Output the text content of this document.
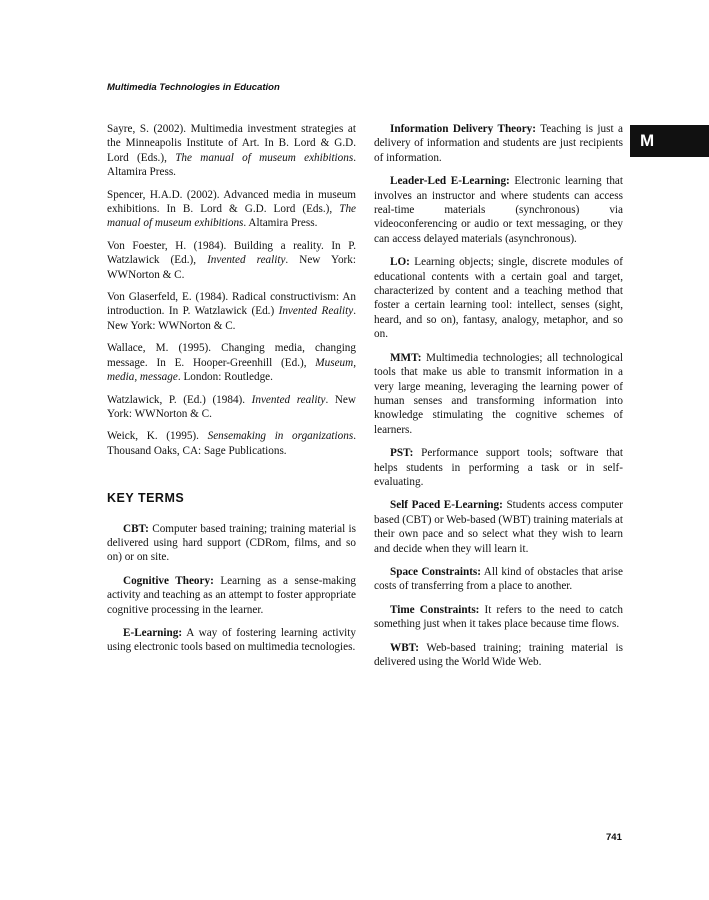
Multimedia Technologies in Education
M

Sayre, S. (2002). Multimedia investment strategies at the Minneapolis Institute of Art. In B. Lord & G.D. Lord (Eds.), The manual of museum exhibitions. Altamira Press.

Spencer, H.A.D. (2002). Advanced media in museum exhibitions. In B. Lord & G.D. Lord (Eds.), The manual of museum exhibitions. Altamira Press.

Von Foester, H. (1984). Building a reality. In P. Watzlawick (Ed.), Invented reality. New York: WWNorton & C.

Von Glaserfeld, E. (1984). Radical constructivism: An introduction. In P. Watzlawick (Ed.) Invented Reality. New York: WWNorton & C.

Wallace, M. (1995). Changing media, changing message. In E. Hooper-Greenhill (Ed.), Museum, media, message. London: Routledge.

Watzlawick, P. (Ed.) (1984). Invented reality. New York: WWNorton & C.

Weick, K. (1995). Sensemaking in organizations. Thousand Oaks, CA: Sage Publications.

KEY TERMS

CBT: Computer based training; training material is delivered using hard support (CDRom, films, and so on) or on site.

Cognitive Theory: Learning as a sense-making activity and teaching as an attempt to foster appropriate cognitive processing in the learner.

E-Learning: A way of fostering learning activity using electronic tools based on multimedia tecnologies.

Information Delivery Theory: Teaching is just a delivery of information and students are just recipients of information.

Leader-Led E-Learning: Electronic learning that involves an instructor and where students can access real-time materials (synchronous) via videoconferencing or audio or text messaging, or they can access delayed materials (asynchronous).

LO: Learning objects; single, discrete modules of educational contents with a certain goal and target, characterized by content and a teaching method that foster a certain learning tool: intellect, senses (sight, heard, and so on), fantasy, analogy, metaphor, and so on.

MMT: Multimedia technologies; all technological tools that make us able to transmit information in a very large meaning, leveraging the learning power of human senses and transforming information into knowledge stimulating the cognitive schemes of learners.

PST: Performance support tools; software that helps students in performing a task or in self-evaluating.

Self Paced E-Learning: Students access computer based (CBT) or Web-based (WBT) training materials at their own pace and so select what they wish to learn and decide when they will learn it.

Space Constraints: All kind of obstacles that arise costs of transferring from a place to another.

Time Constraints: It refers to the need to catch something just when it takes place because time flows.

WBT: Web-based training; training material is delivered using the World Wide Web.

741
